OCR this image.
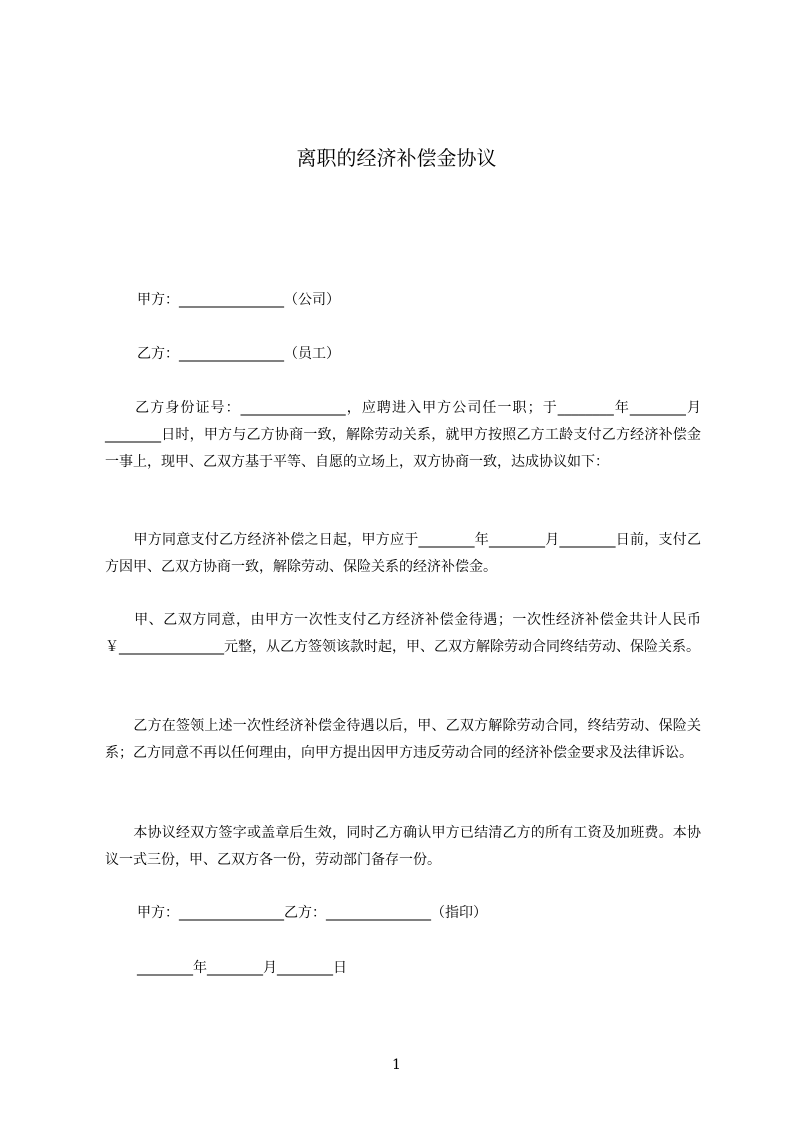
离职的经济补偿金协议
甲方：_______________（公司）
乙方：_______________（员工）
　　乙方身份证号：_______________，应聘进入甲方公司任一职；于________年________月________日时，甲方与乙方协商一致，解除劳动关系，就甲方按照乙方工龄支付乙方经济补偿金一事上，现甲、乙双方基于平等、自愿的立场上，双方协商一致，达成协议如下：
　　甲方同意支付乙方经济补偿之日起，甲方应于________年________月________日前，支付乙方因甲、乙双方协商一致，解除劳动、保险关系的经济补偿金。
　　甲、乙双方同意，由甲方一次性支付乙方经济补偿金待遇；一次性经济补偿金共计人民币￥_______________元整，从乙方签领该款时起，甲、乙双方解除劳动合同终结劳动、保险关系。
　　乙方在签领上述一次性经济补偿金待遇以后，甲、乙双方解除劳动合同，终结劳动、保险关系；乙方同意不再以任何理由，向甲方提出因甲方违反劳动合同的经济补偿金要求及法律诉讼。
　　本协议经双方签字或盖章后生效，同时乙方确认甲方已结清乙方的所有工资及加班费。本协议一式三份，甲、乙双方各一份，劳动部门备存一份。
甲方：_______________乙方：_______________（指印）
________年________月________日
1
